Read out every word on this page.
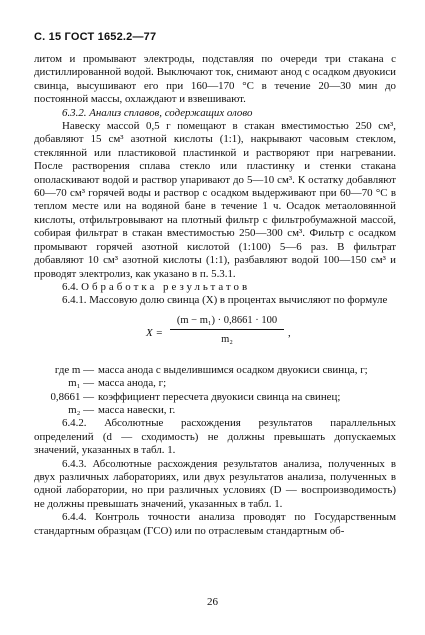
С. 15 ГОСТ 1652.2—77

литом и промывают электроды, подставляя по очереди три стакана с дистиллированной водой. Выключают ток, снимают анод с осадком двуокиси свинца, высушивают его при 160—170 °С в течение 20—30 мин до постоянной массы, охлаждают и взвешивают.

6.3.2. Анализ сплавов, содержащих олово

Навеску массой 0,5 г помещают в стакан вместимостью 250 см³, добавляют 15 см³ азотной кислоты (1:1), накрывают часовым стеклом, стеклянной или пластиковой пластинкой и растворяют при нагревании. После растворения сплава стекло или пластинку и стенки стакана ополаскивают водой и раствор упаривают до 5—10 см³. К остатку добавляют 60—70 см³ горячей воды и раствор с осадком выдерживают при 60—70 °С в теплом месте или на водяной бане в течение 1 ч. Осадок метаоловянной кислоты, отфильтровывают на плотный фильтр с фильтробумажной массой, собирая фильтрат в стакан вместимостью 250—300 см³. Фильтр с осадком промывают горячей азотной кислотой (1:100) 5—6 раз. В фильтрат добавляют 10 см³ азотной кислоты (1:1), разбавляют водой 100—150 см³ и проводят электролиз, как указано в п. 5.3.1.

6.4. Обработка результатов

6.4.1. Массовую долю свинца (X) в процентах вычисляют по формуле

$X = \frac{\text{(m − m₁) · 0,8661 · 100}}{\text{m₂}}$ ,
где m — масса анода с выделившимся осадком двуокиси свинца, г;
m₁ — масса анода, г;
0,8661 — коэффициент пересчета двуокиси свинца на свинец;
m₂ — масса навески, г.

6.4.2. Абсолютные расхождения результатов параллельных определений (d — сходимость) не должны превышать допускаемых значений, указанных в табл. 1.

6.4.3. Абсолютные расхождения результатов анализа, полученных в двух различных лабораториях, или двух результатов анализа, полученных в одной лаборатории, но при различных условиях (D — воспроизводимость) не должны превышать значений, указанных в табл. 1.

6.4.4. Контроль точности анализа проводят по Государственным стандартным образцам (ГСО) или по отраслевым стандартным об-

26
